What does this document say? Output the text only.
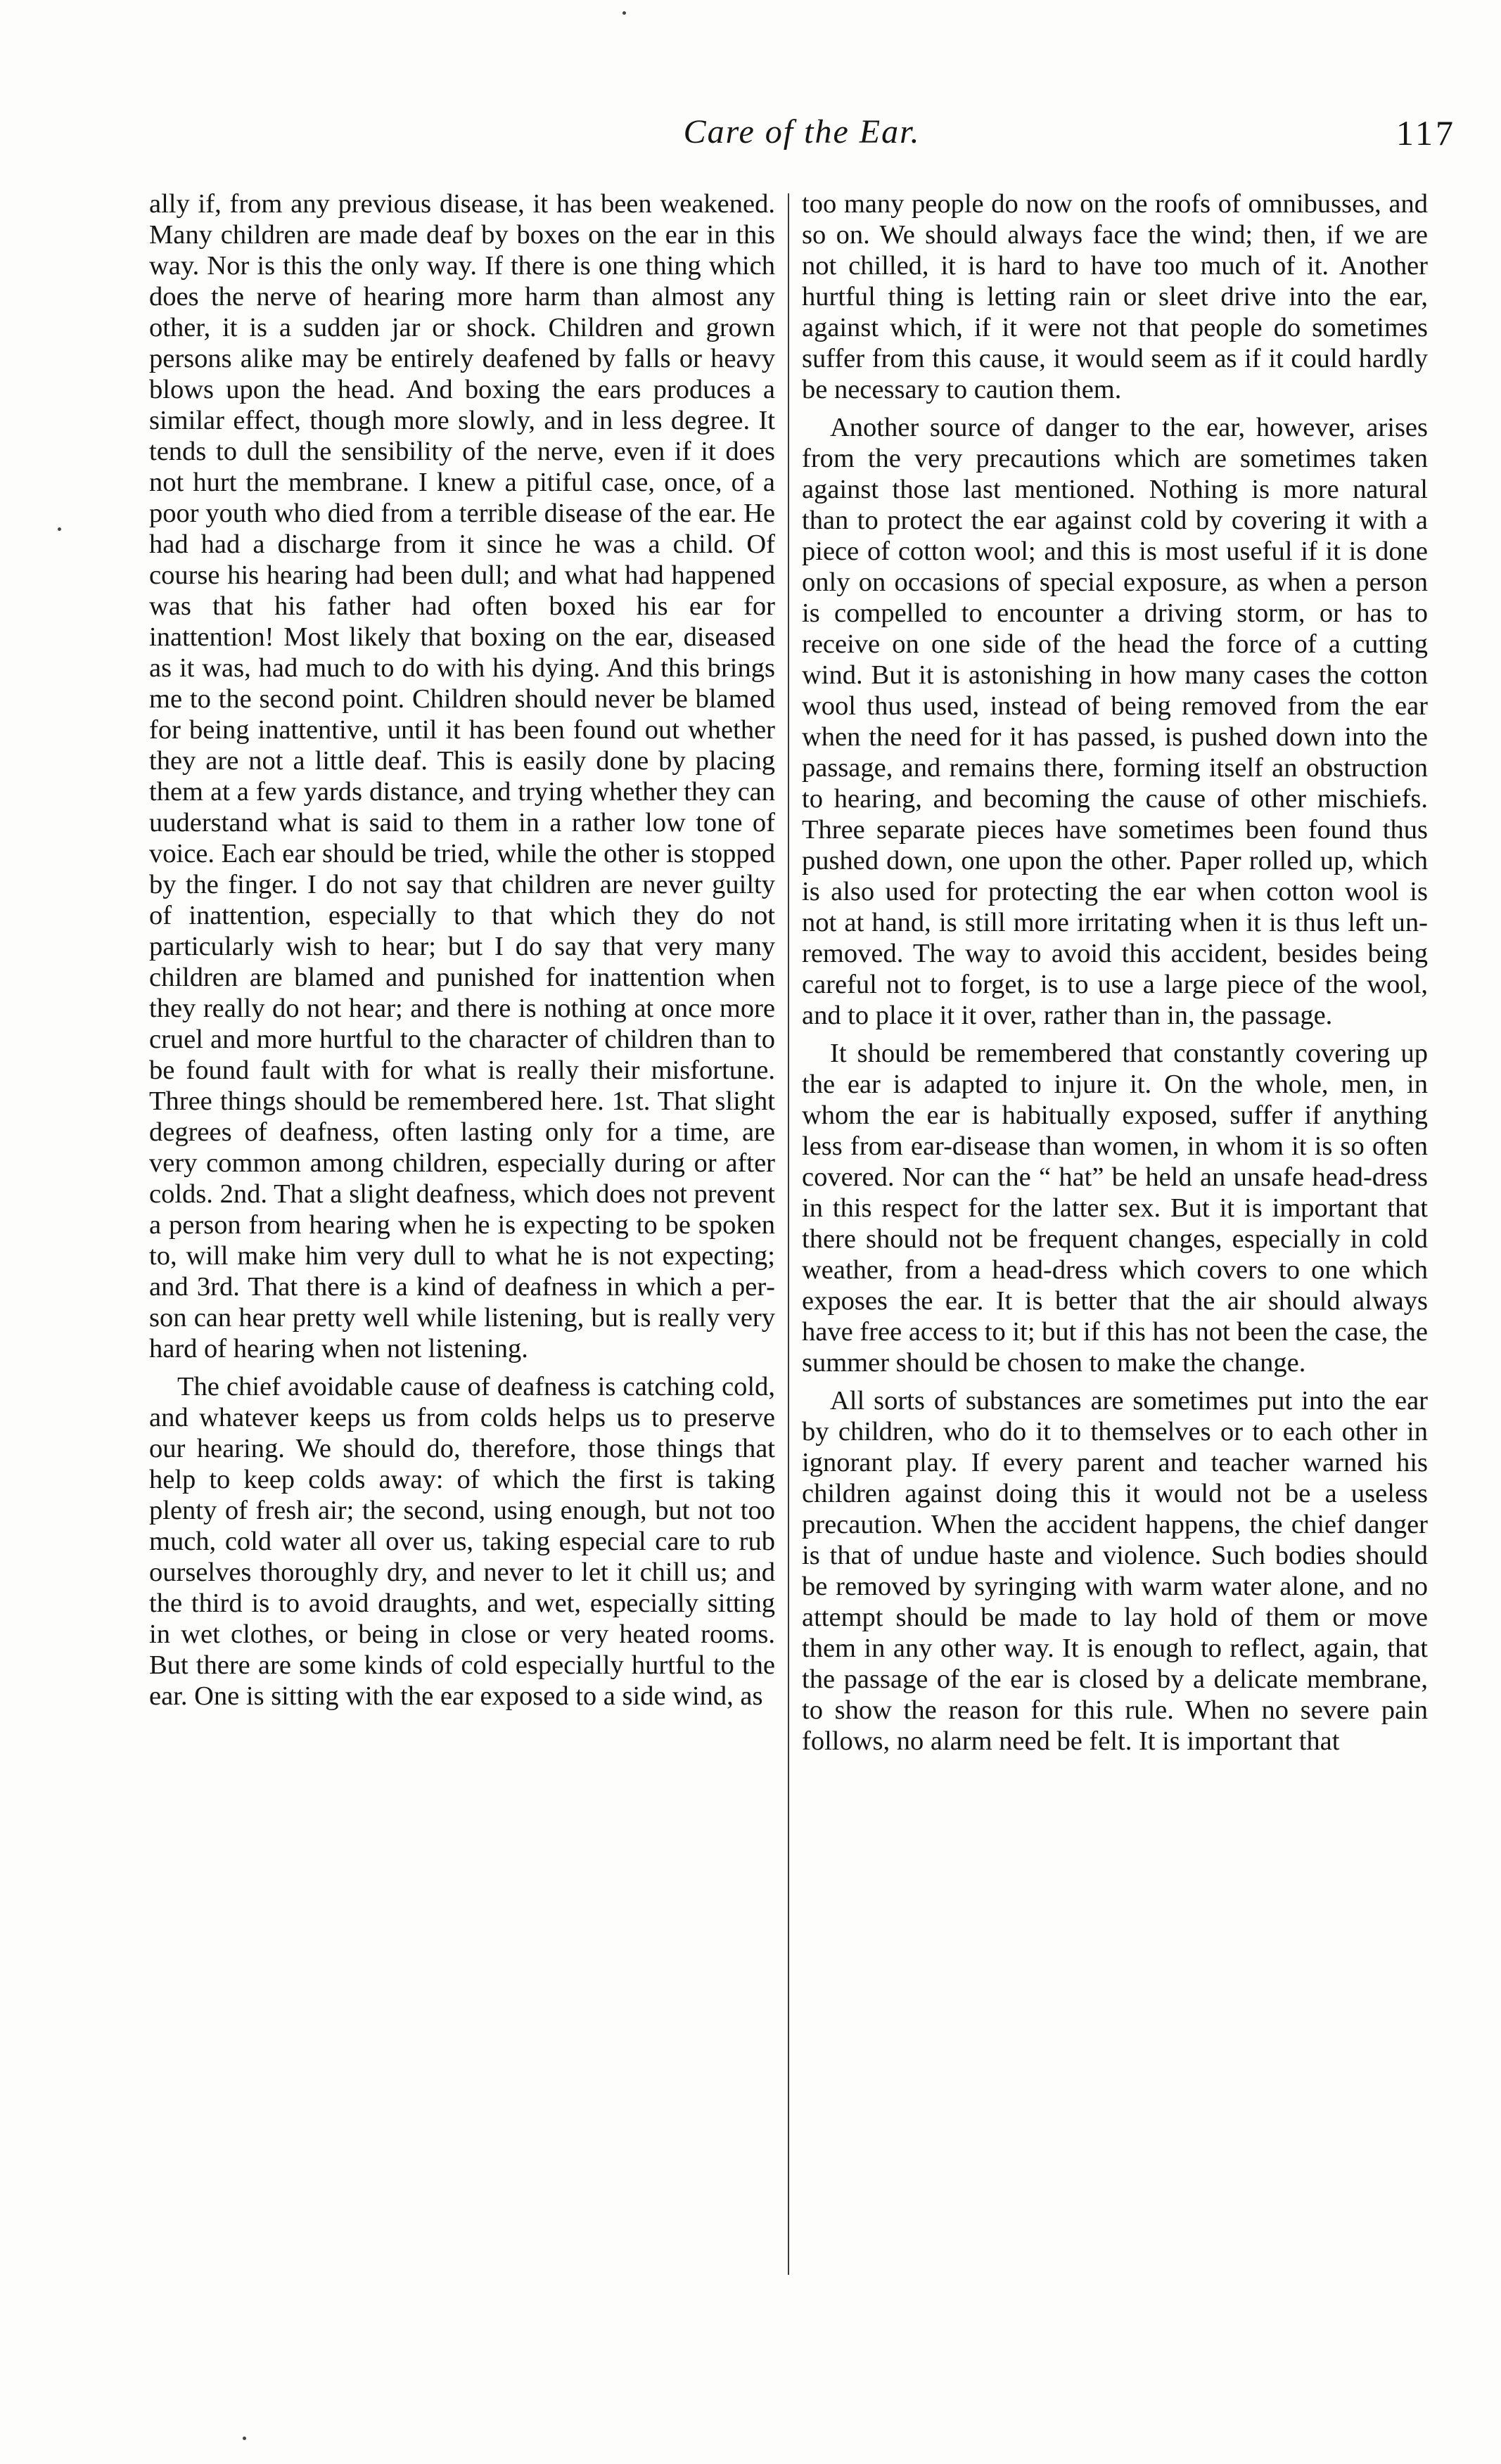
Care of the Ear.	117

ally if, from any previous disease, it has been weakened. Many children are made deaf by boxes on the ear in this way. Nor is this the only way. If there is one thing which does the nerve of hearing more harm than almost any other, it is a sudden jar or shock. Children and grown persons alike may be entirely deafened by falls or heavy blows upon the head. And boxing the ears produces a similar effect, though more slowly, and in less degree. It tends to dull the sensibility of the nerve, even if it does not hurt the membrane. I knew a pitiful case, once, of a poor youth who died from a terrible disease of the ear. He had had a discharge from it since he was a child. Of course his hearing had been dull; and what had happened was that his father had often boxed his ear for inattention! Most likely that boxing on the ear, diseased as it was, had much to do with his dying. And this brings me to the second point. Children should never be blamed for being inattentive, until it has been found out whether they are not a little deaf. This is easily done by placing them at a few yards distance, and trying whether they can uuderstand what is said to them in a rather low tone of voice. Each ear should be tried, while the other is stopped by the finger. I do not say that children are never guilty of inattention, especially to that which they do not particularly wish to hear; but I do say that very many children are blamed and punished for inattention when they really do not hear; and there is nothing at once more cruel and more hurtful to the character of children than to be found fault with for what is really their misfortune. Three things should be remembered here. 1st. That slight degrees of deafness, often lasting only for a time, are very common among children, especially during or after colds. 2nd. That a slight deafness, which does not prevent a person from hearing when he is expecting to be spoken to, will make him very dull to what he is not expecting; and 3rd. That there is a kind of deafness in which a person can hear pretty well while listening, but is really very hard of hearing when not listening.

The chief avoidable cause of deafness is catching cold, and whatever keeps us from colds helps us to preserve our hearing. We should do, therefore, those things that help to keep colds away: of which the first is taking plenty of fresh air; the second, using enough, but not too much, cold water all over us, taking especial care to rub ourselves thoroughly dry, and never to let it chill us; and the third is to avoid draughts, and wet, especially sitting in wet clothes, or being in close or very heated rooms. But there are some kinds of cold especially hurtful to the ear. One is sitting with the ear exposed to a side wind, as

too many people do now on the roofs of omnibusses, and so on. We should always face the wind; then, if we are not chilled, it is hard to have too much of it. Another hurtful thing is letting rain or sleet drive into the ear, against which, if it were not that people do sometimes suffer from this cause, it would seem as if it could hardly be necessary to caution them.

Another source of danger to the ear, however, arises from the very precautions which are sometimes taken against those last mentioned. Nothing is more natural than to protect the ear against cold by covering it with a piece of cotton wool; and this is most useful if it is done only on occasions of special exposure, as when a person is compelled to encounter a driving storm, or has to receive on one side of the head the force of a cutting wind. But it is astonishing in how many cases the cotton wool thus used, instead of being removed from the ear when the need for it has passed, is pushed down into the passage, and remains there, forming itself an obstruction to hearing, and becoming the cause of other mischiefs. Three separate pieces have sometimes been found thus pushed down, one upon the other. Paper rolled up, which is also used for protecting the ear when cotton wool is not at hand, is still more irritating when it is thus left unremoved. The way to avoid this accident, besides being careful not to forget, is to use a large piece of the wool, and to place it it over, rather than in, the passage.

It should be remembered that constantly covering up the ear is adapted to injure it. On the whole, men, in whom the ear is habitually exposed, suffer if anything less from ear-disease than women, in whom it is so often covered. Nor can the “ hat” be held an unsafe head-dress in this respect for the latter sex. But it is important that there should not be frequent changes, especially in cold weather, from a head-dress which covers to one which exposes the ear. It is better that the air should always have free access to it; but if this has not been the case, the summer should be chosen to make the change.

All sorts of substances are sometimes put into the ear by children, who do it to themselves or to each other in ignorant play. If every parent and teacher warned his children against doing this it would not be a useless precaution. When the accident happens, the chief danger is that of undue haste and violence. Such bodies should be removed by syringing with warm water alone, and no attempt should be made to lay hold of them or move them in any other way. It is enough to reflect, again, that the passage of the ear is closed by a delicate membrane, to show the reason for this rule. When no severe pain follows, no alarm need be felt. It is important that
